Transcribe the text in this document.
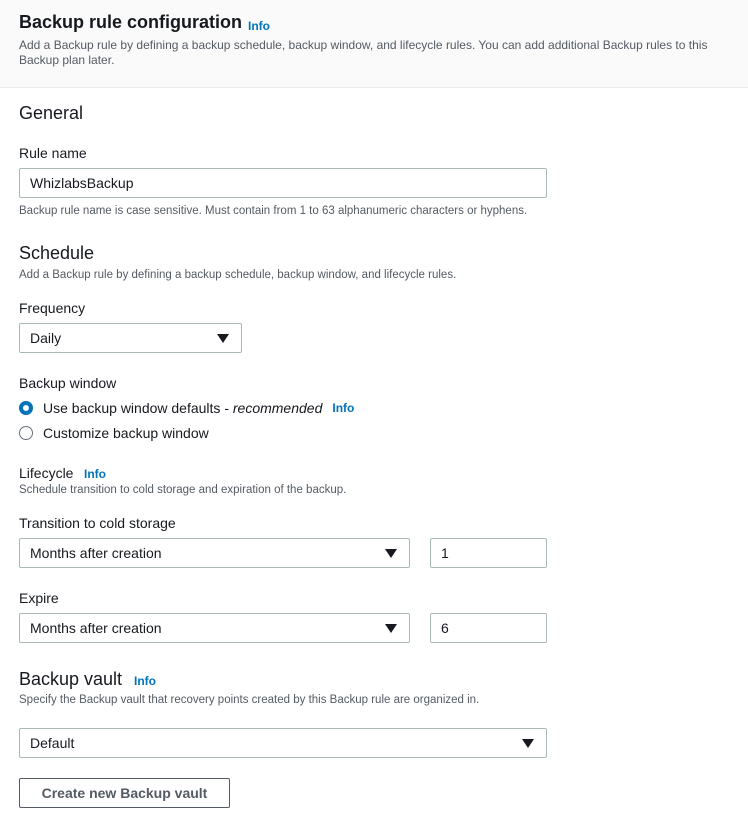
Backup rule configuration Info
Add a Backup rule by defining a backup schedule, backup window, and lifecycle rules. You can add additional Backup rules to this Backup plan later.
General
Rule name
WhizlabsBackup
Backup rule name is case sensitive. Must contain from 1 to 63 alphanumeric characters or hyphens.
Schedule
Add a Backup rule by defining a backup schedule, backup window, and lifecycle rules.
Frequency
Daily
Backup window
Use backup window defaults - recommended Info
Customize backup window
Lifecycle Info
Schedule transition to cold storage and expiration of the backup.
Transition to cold storage
Months after creation
1
Expire
Months after creation
6
Backup vault Info
Specify the Backup vault that recovery points created by this Backup rule are organized in.
Default
Create new Backup vault
